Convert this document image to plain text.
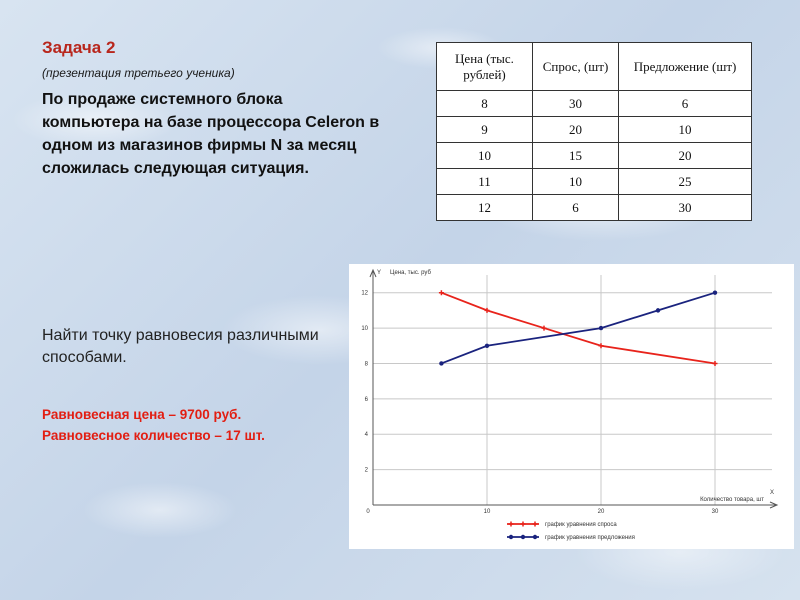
Задача 2
(презентация третьего ученика)
По продаже системного блока компьютера на базе процессора Celeron в одном из магазинов фирмы N за месяц сложилась следующая ситуация.
Найти точку равновесия различными способами.
Равновесная цена – 9700 руб.
Равновесное количество – 17 шт.
Цена (тыс. рублей)	Спрос, (шт)	Предложение (шт)
8	30	6
9	20	10
10	15	20
11	10	25
12	6	30
Y Цена, тыс. руб
X
Количество товара, шт
2
4
6
8
10
12
0	10	20	30
график уравнения спроса
график уравнения предложения
